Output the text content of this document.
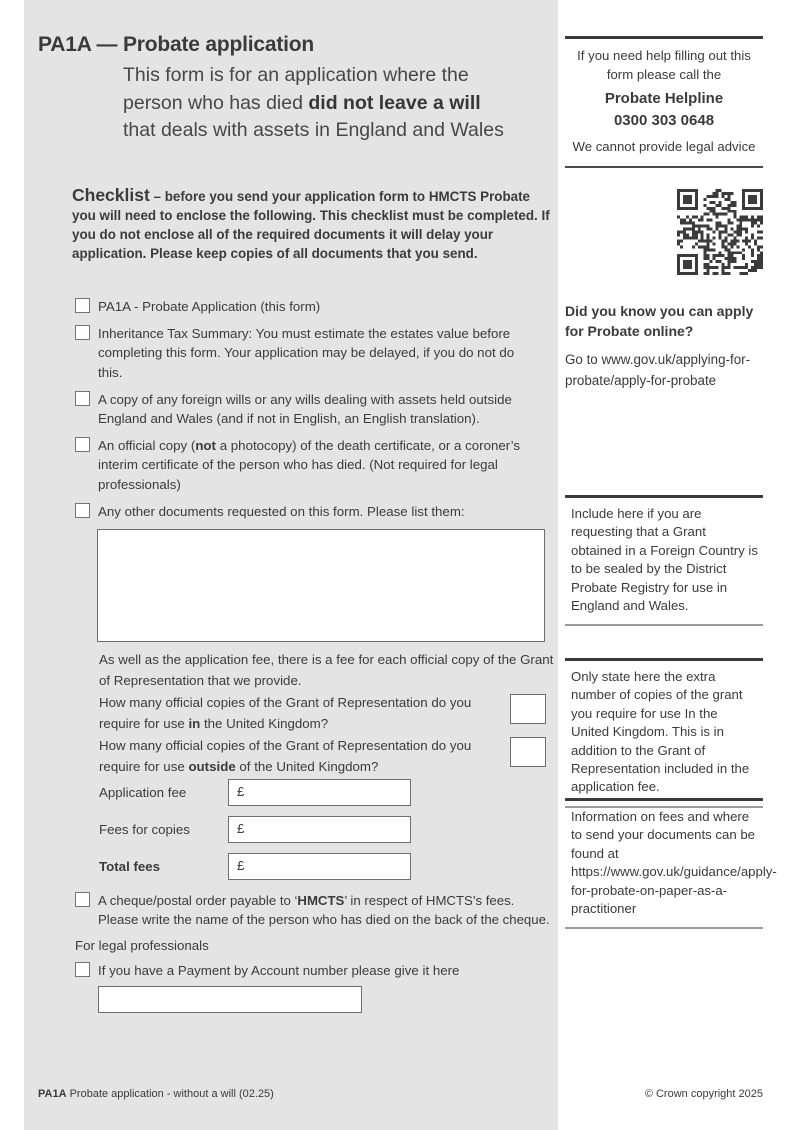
PA1A — Probate application
This form is for an application where the
person who has died did not leave a will
that deals with assets in England and Wales
Checklist – before you send your application form to HMCTS Probate you will need to enclose the following. This checklist must be completed. If you do not enclose all of the required documents it will delay your application. Please keep copies of all documents that you send.
PA1A - Probate Application (this form)
Inheritance Tax Summary: You must estimate the estates value before completing this form. Your application may be delayed, if you do not do this.
A copy of any foreign wills or any wills dealing with assets held outside England and Wales (and if not in English, an English translation).
An official copy (not a photocopy) of the death certificate, or a coroner’s interim certificate of the person who has died. (Not required for legal professionals)
Any other documents requested on this form. Please list them:
As well as the application fee, there is a fee for each official copy of the Grant of Representation that we provide.
How many official copies of the Grant of Representation do you require for use in the United Kingdom?
How many official copies of the Grant of Representation do you require for use outside of the United Kingdom?
Application fee	£
Fees for copies	£
Total fees	£
A cheque/postal order payable to ‘HMCTS’ in respect of HMCTS’s fees. Please write the name of the person who has died on the back of the cheque.
For legal professionals
If you have a Payment by Account number please give it here
PA1A Probate application - without a will (02.25)
If you need help filling out this form please call the
Probate Helpline
0300 303 0648
We cannot provide legal advice
Did you know you can apply for Probate online?
Go to www.gov.uk/applying-for-probate/apply-for-probate
Include here if you are requesting that a Grant obtained in a Foreign Country is to be sealed by the District Probate Registry for use in England and Wales.
Only state here the extra number of copies of the grant you require for use In the United Kingdom. This is in addition to the Grant of Representation included in the application fee.
Information on fees and where to send your documents can be found at https://www.gov.uk/guidance/apply-for-probate-on-paper-as-a-practitioner
© Crown copyright 2025
